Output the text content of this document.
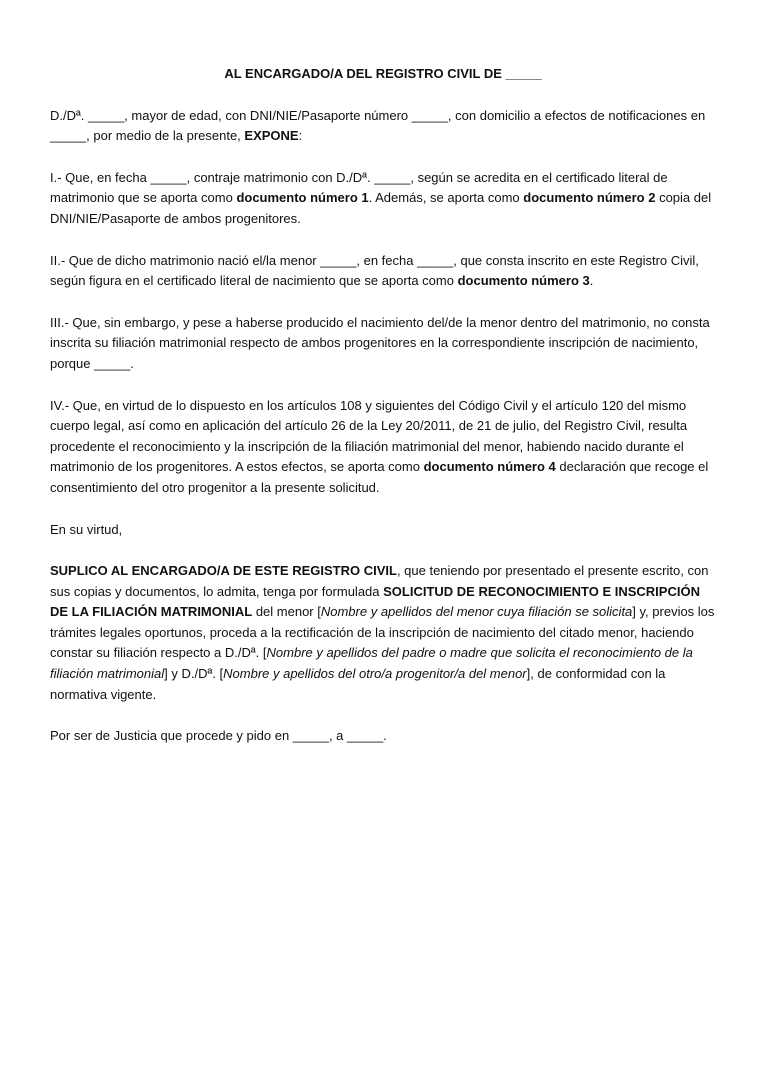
AL ENCARGADO/A DEL REGISTRO CIVIL DE _____

D./Dª. _____, mayor de edad, con DNI/NIE/Pasaporte número _____, con domicilio a efectos de notificaciones en _____, por medio de la presente, EXPONE:

I.- Que, en fecha _____, contraje matrimonio con D./Dª. _____, según se acredita en el certificado literal de matrimonio que se aporta como documento número 1. Además, se aporta como documento número 2 copia del DNI/NIE/Pasaporte de ambos progenitores.

II.- Que de dicho matrimonio nació el/la menor _____, en fecha _____, que consta inscrito en este Registro Civil, según figura en el certificado literal de nacimiento que se aporta como documento número 3.

III.- Que, sin embargo, y pese a haberse producido el nacimiento del/de la menor dentro del matrimonio, no consta inscrita su filiación matrimonial respecto de ambos progenitores en la correspondiente inscripción de nacimiento, porque _____.

IV.- Que, en virtud de lo dispuesto en los artículos 108 y siguientes del Código Civil y el artículo 120 del mismo cuerpo legal, así como en aplicación del artículo 26 de la Ley 20/2011, de 21 de julio, del Registro Civil, resulta procedente el reconocimiento y la inscripción de la filiación matrimonial del menor, habiendo nacido durante el matrimonio de los progenitores. A estos efectos, se aporta como documento número 4 declaración que recoge el consentimiento del otro progenitor a la presente solicitud.

En su virtud,

SUPLICO AL ENCARGADO/A DE ESTE REGISTRO CIVIL, que teniendo por presentado el presente escrito, con sus copias y documentos, lo admita, tenga por formulada SOLICITUD DE RECONOCIMIENTO E INSCRIPCIÓN DE LA FILIACIÓN MATRIMONIAL del menor [Nombre y apellidos del menor cuya filiación se solicita] y, previos los trámites legales oportunos, proceda a la rectificación de la inscripción de nacimiento del citado menor, haciendo constar su filiación respecto a D./Dª. [Nombre y apellidos del padre o madre que solicita el reconocimiento de la filiación matrimonial] y D./Dª. [Nombre y apellidos del otro/a progenitor/a del menor], de conformidad con la normativa vigente.

Por ser de Justicia que procede y pido en _____, a _____.
